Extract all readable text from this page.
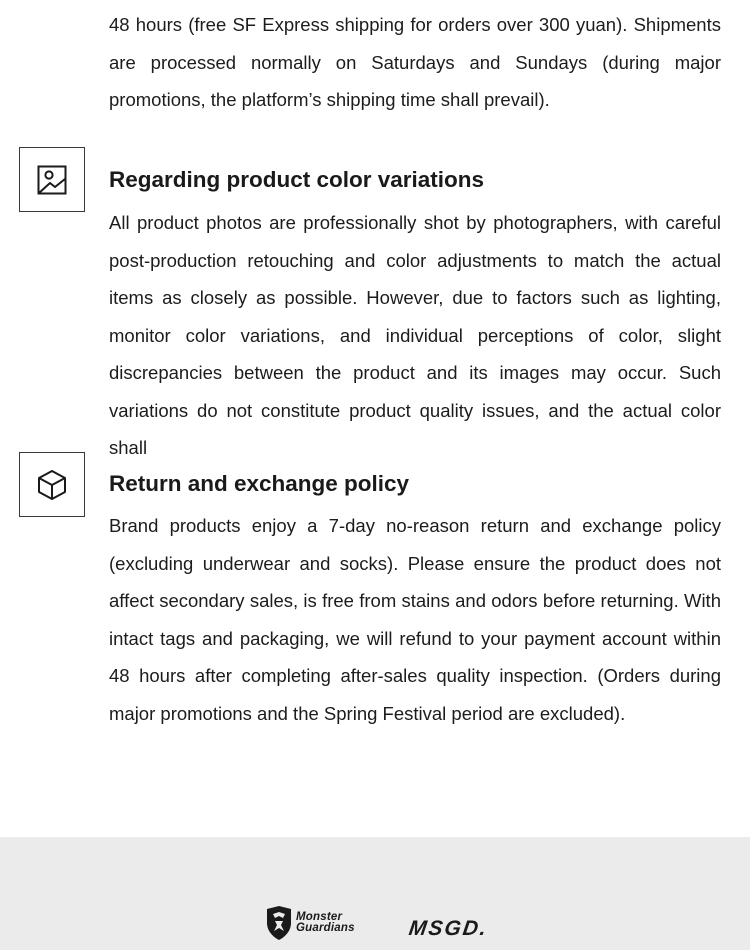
48 hours (free SF Express shipping for orders over 300 yuan). Shipments are processed normally on Saturdays and Sundays (during major promotions, the platform’s shipping time shall prevail).

Regarding product color variations

All product photos are professionally shot by photographers, with careful post-production retouching and color adjustments to match the actual items as closely as possible. However, due to factors such as lighting, monitor color variations, and individual perceptions of color, slight discrepancies between the product and its images may occur. Such variations do not constitute product quality issues, and the actual color shall

Return and exchange policy

Brand products enjoy a 7-day no-reason return and exchange policy (excluding underwear and socks). Please ensure the product does not affect secondary sales, is free from stains and odors before returning. With intact tags and packaging, we will refund to your payment account within 48 hours after completing after-sales quality inspection. (Orders during major promotions and the Spring Festival period are excluded).

Monster
Guardians	MSGD.
